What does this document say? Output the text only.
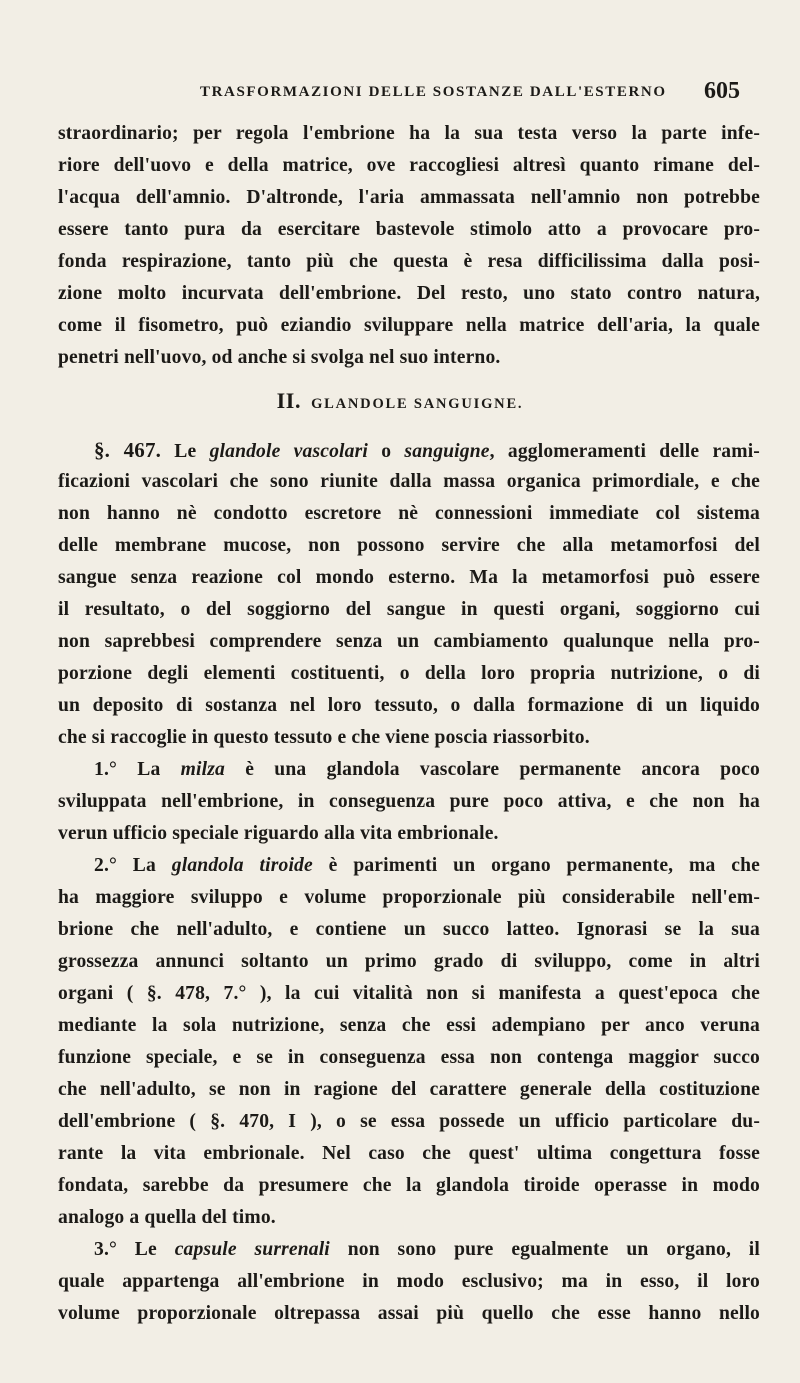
TRASFORMAZIONI DELLE SOSTANZE DALL'ESTERNO 605
straordinario; per regola l'embrione ha la sua testa verso la parte infe-
riore dell'uovo e della matrice, ove raccogliesi altresì quanto rimane del-
l'acqua dell'amnio. D'altronde, l'aria ammassata nell'amnio non potrebbe
essere tanto pura da esercitare bastevole stimolo atto a provocare pro-
fonda respirazione, tanto più che questa è resa difficilissima dalla posi-
zione molto incurvata dell'embrione. Del resto, uno stato contro natura,
come il fisometro, può eziandio sviluppare nella matrice dell'aria, la quale
penetri nell'uovo, od anche si svolga nel suo interno.
II. GLANDOLE SANGUIGNE.
§. 467. Le glandole vascolari o sanguigne, agglomeramenti delle rami-
ficazioni vascolari che sono riunite dalla massa organica primordiale, e che
non hanno nè condotto escretore nè connessioni immediate col sistema
delle membrane mucose, non possono servire che alla metamorfosi del
sangue senza reazione col mondo esterno. Ma la metamorfosi può essere
il resultato, o del soggiorno del sangue in questi organi, soggiorno cui
non saprebbesi comprendere senza un cambiamento qualunque nella pro-
porzione degli elementi costituenti, o della loro propria nutrizione, o di
un deposito di sostanza nel loro tessuto, o dalla formazione di un liquido
che si raccoglie in questo tessuto e che viene poscia riassorbito.
1.° La milza è una glandola vascolare permanente ancora poco
sviluppata nell'embrione, in conseguenza pure poco attiva, e che non ha
verun ufficio speciale riguardo alla vita embrionale.
2.° La glandola tiroide è parimenti un organo permanente, ma che
ha maggiore sviluppo e volume proporzionale più considerabile nell'em-
brione che nell'adulto, e contiene un succo latteo. Ignorasi se la sua
grossezza annunci soltanto un primo grado di sviluppo, come in altri
organi ( §. 478, 7.° ), la cui vitalità non si manifesta a quest'epoca che
mediante la sola nutrizione, senza che essi adempiano per anco veruna
funzione speciale, e se in conseguenza essa non contenga maggior succo
che nell'adulto, se non in ragione del carattere generale della costituzione
dell'embrione ( §. 470, I ), o se essa possede un ufficio particolare du-
rante la vita embrionale. Nel caso che quest' ultima congettura fosse
fondata, sarebbe da presumere che la glandola tiroide operasse in modo
analogo a quella del timo.
3.° Le capsule surrenali non sono pure egualmente un organo, il
quale appartenga all'embrione in modo esclusivo; ma in esso, il loro
volume proporzionale oltrepassa assai più quello che esse hanno nello
